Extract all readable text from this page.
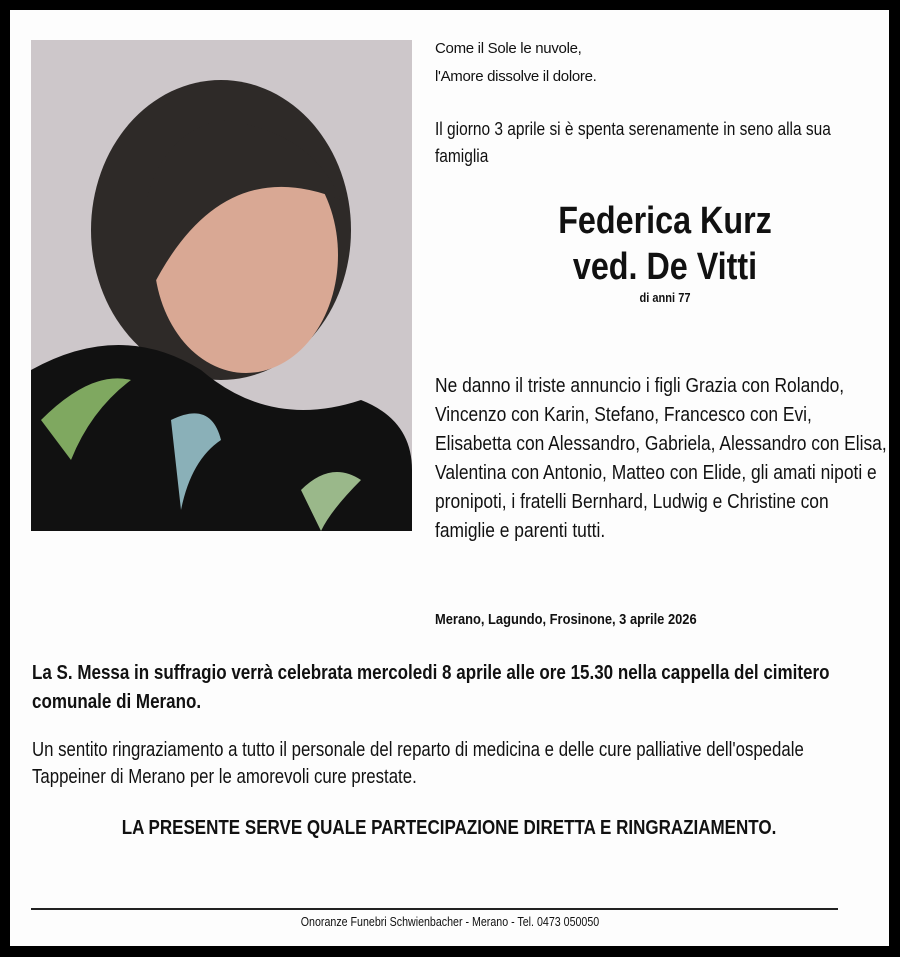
Come il Sole le nuvole,
l'Amore dissolve il dolore.
Il giorno 3 aprile si è spenta serenamente in seno alla sua famiglia
Federica Kurz
ved. De Vitti
di anni 77
Ne danno il triste annuncio i figli Grazia con Rolando, Vincenzo con Karin, Stefano, Francesco con Evi, Elisabetta con Alessandro, Gabriela, Alessandro con Elisa, Valentina con Antonio, Matteo con Elide, gli amati nipoti e pronipoti, i fratelli Bernhard, Ludwig e Christine con famiglie e parenti tutti.
Merano, Lagundo, Frosinone, 3 aprile 2026
La S. Messa in suffragio verrà celebrata mercoledi 8 aprile alle ore 15.30 nella cappella del cimitero comunale di Merano.
Un sentito ringraziamento a tutto il personale del reparto di medicina e delle cure palliative dell'ospedale Tappeiner di Merano per le amorevoli cure prestate.
LA PRESENTE SERVE QUALE PARTECIPAZIONE DIRETTA E RINGRAZIAMENTO.
Onoranze Funebri Schwienbacher - Merano - Tel. 0473 050050
